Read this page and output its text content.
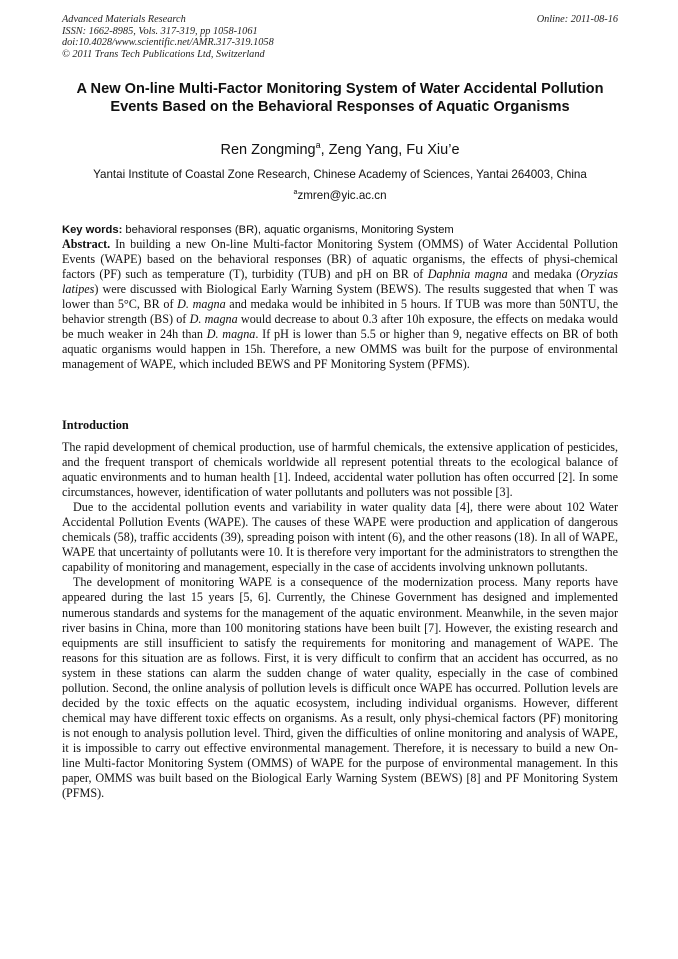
Advanced Materials Research
ISSN: 1662-8985, Vols. 317-319, pp 1058-1061
doi:10.4028/www.scientific.net/AMR.317-319.1058
© 2011 Trans Tech Publications Ltd, Switzerland
Online: 2011-08-16
A New On-line Multi-Factor Monitoring System of Water Accidental Pollution Events Based on the Behavioral Responses of Aquatic Organisms
Ren Zongming$^a$, Zeng Yang, Fu Xiu’e
Yantai Institute of Coastal Zone Research, Chinese Academy of Sciences, Yantai 264003, China
$^a$zmren@yic.ac.cn
Key words: behavioral responses (BR), aquatic organisms, Monitoring System
Abstract. In building a new On-line Multi-factor Monitoring System (OMMS) of Water Accidental Pollution Events (WAPE) based on the behavioral responses (BR) of aquatic organisms, the effects of physi-chemical factors (PF) such as temperature (T), turbidity (TUB) and pH on BR of Daphnia magna and medaka (Oryzias latipes) were discussed with Biological Early Warning System (BEWS). The results suggested that when T was lower than 5°C, BR of D. magna and medaka would be inhibited in 5 hours. If TUB was more than 50NTU, the behavior strength (BS) of D. magna would decrease to about 0.3 after 10h exposure, the effects on medaka would be much weaker in 24h than D. magna. If pH is lower than 5.5 or higher than 9, negative effects on BR of both aquatic organisms would happen in 15h. Therefore, a new OMMS was built for the purpose of environmental management of WAPE, which included BEWS and PF Monitoring System (PFMS).
Introduction

The rapid development of chemical production, use of harmful chemicals, the extensive application of pesticides, and the frequent transport of chemicals worldwide all represent potential threats to the ecological balance of aquatic environments and to human health [1]. Indeed, accidental water pollution has often occurred [2]. In some circumstances, however, identification of water pollutants and polluters was not possible [3].

Due to the accidental pollution events and variability in water quality data [4], there were about 102 Water Accidental Pollution Events (WAPE). The causes of these WAPE were production and application of dangerous chemicals (58), traffic accidents (39), spreading poison with intent (6), and the other reasons (18). In all of WAPE, WAPE that uncertainty of pollutants were 10. It is therefore very important for the administrators to strengthen the capability of monitoring and management, especially in the case of accidents involving unknown pollutants.

The development of monitoring WAPE is a consequence of the modernization process. Many reports have appeared during the last 15 years [5, 6]. Currently, the Chinese Government has designed and implemented numerous standards and systems for the management of the aquatic environment. Meanwhile, in the seven major river basins in China, more than 100 monitoring stations have been built [7]. However, the existing research and equipments are still insufficient to satisfy the requirements for monitoring and management of WAPE. The reasons for this situation are as follows. First, it is very difficult to confirm that an accident has occurred, as no system in these stations can alarm the sudden change of water quality, especially in the case of combined pollution. Second, the online analysis of pollution levels is difficult once WAPE has occurred. Pollution levels are decided by the toxic effects on the aquatic ecosystem, including individual organisms. However, different chemical may have different toxic effects on organisms. As a result, only physi-chemical factors (PF) monitoring is not enough to analysis pollution level. Third, given the difficulties of online monitoring and analysis of WAPE, it is impossible to carry out effective environmental management. Therefore, it is necessary to build a new On-line Multi-factor Monitoring System (OMMS) of WAPE for the purpose of environmental management. In this paper, OMMS was built based on the Biological Early Warning System (BEWS) [8] and PF Monitoring System (PFMS).
